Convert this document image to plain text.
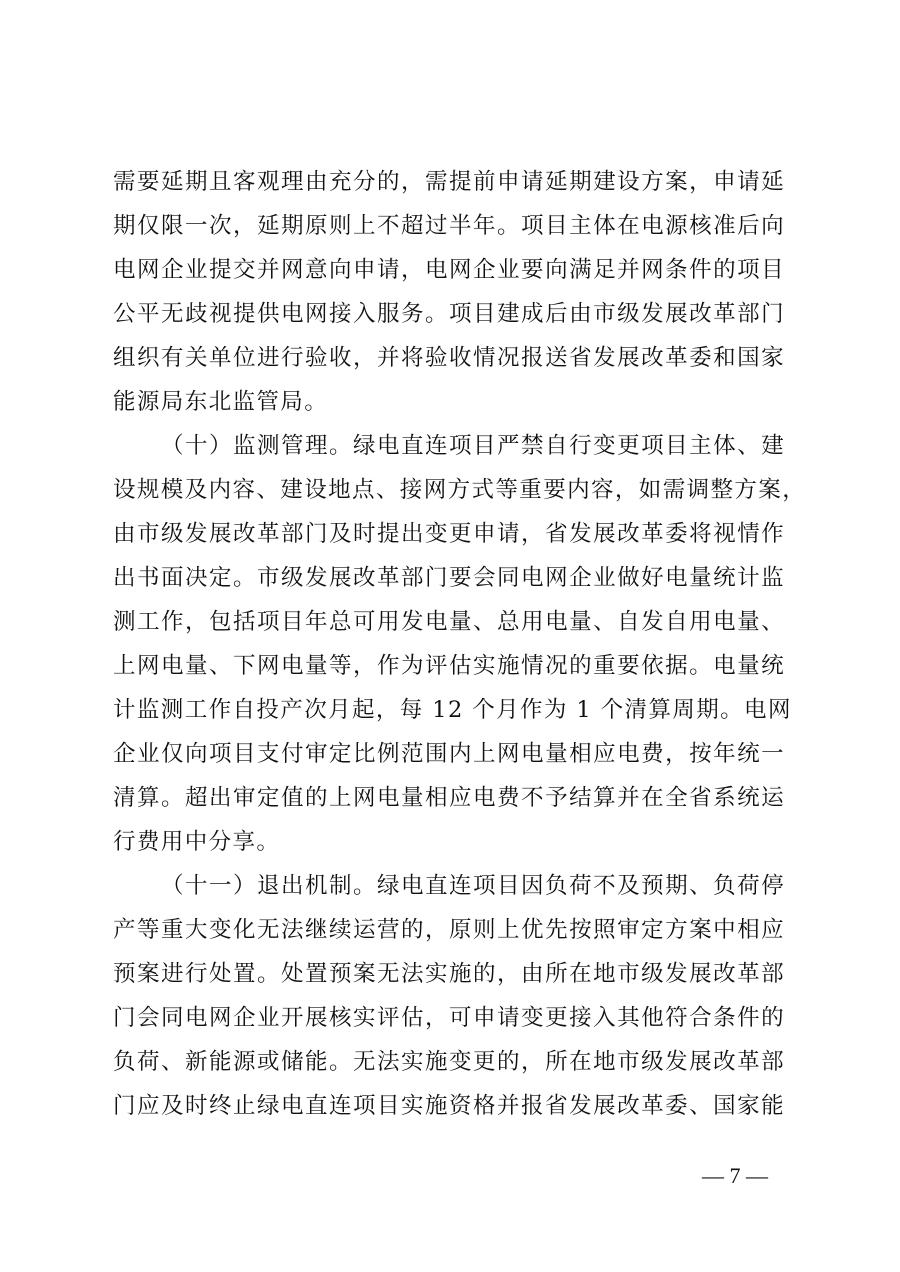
需要延期且客观理由充分的，需提前申请延期建设方案，申请延
期仅限一次，延期原则上不超过半年。项目主体在电源核准后向
电网企业提交并网意向申请，电网企业要向满足并网条件的项目
公平无歧视提供电网接入服务。项目建成后由市级发展改革部门
组织有关单位进行验收，并将验收情况报送省发展改革委和国家
能源局东北监管局。
（十）监测管理。绿电直连项目严禁自行变更项目主体、建
设规模及内容、建设地点、接网方式等重要内容，如需调整方案，
由市级发展改革部门及时提出变更申请，省发展改革委将视情作
出书面决定。市级发展改革部门要会同电网企业做好电量统计监
测工作，包括项目年总可用发电量、总用电量、自发自用电量、
上网电量、下网电量等，作为评估实施情况的重要依据。电量统
计监测工作自投产次月起，每 12 个月作为 1 个清算周期。电网
企业仅向项目支付审定比例范围内上网电量相应电费，按年统一
清算。超出审定值的上网电量相应电费不予结算并在全省系统运
行费用中分享。
（十一）退出机制。绿电直连项目因负荷不及预期、负荷停
产等重大变化无法继续运营的，原则上优先按照审定方案中相应
预案进行处置。处置预案无法实施的，由所在地市级发展改革部
门会同电网企业开展核实评估，可申请变更接入其他符合条件的
负荷、新能源或储能。无法实施变更的，所在地市级发展改革部
门应及时终止绿电直连项目实施资格并报省发展改革委、国家能
— 7 —
